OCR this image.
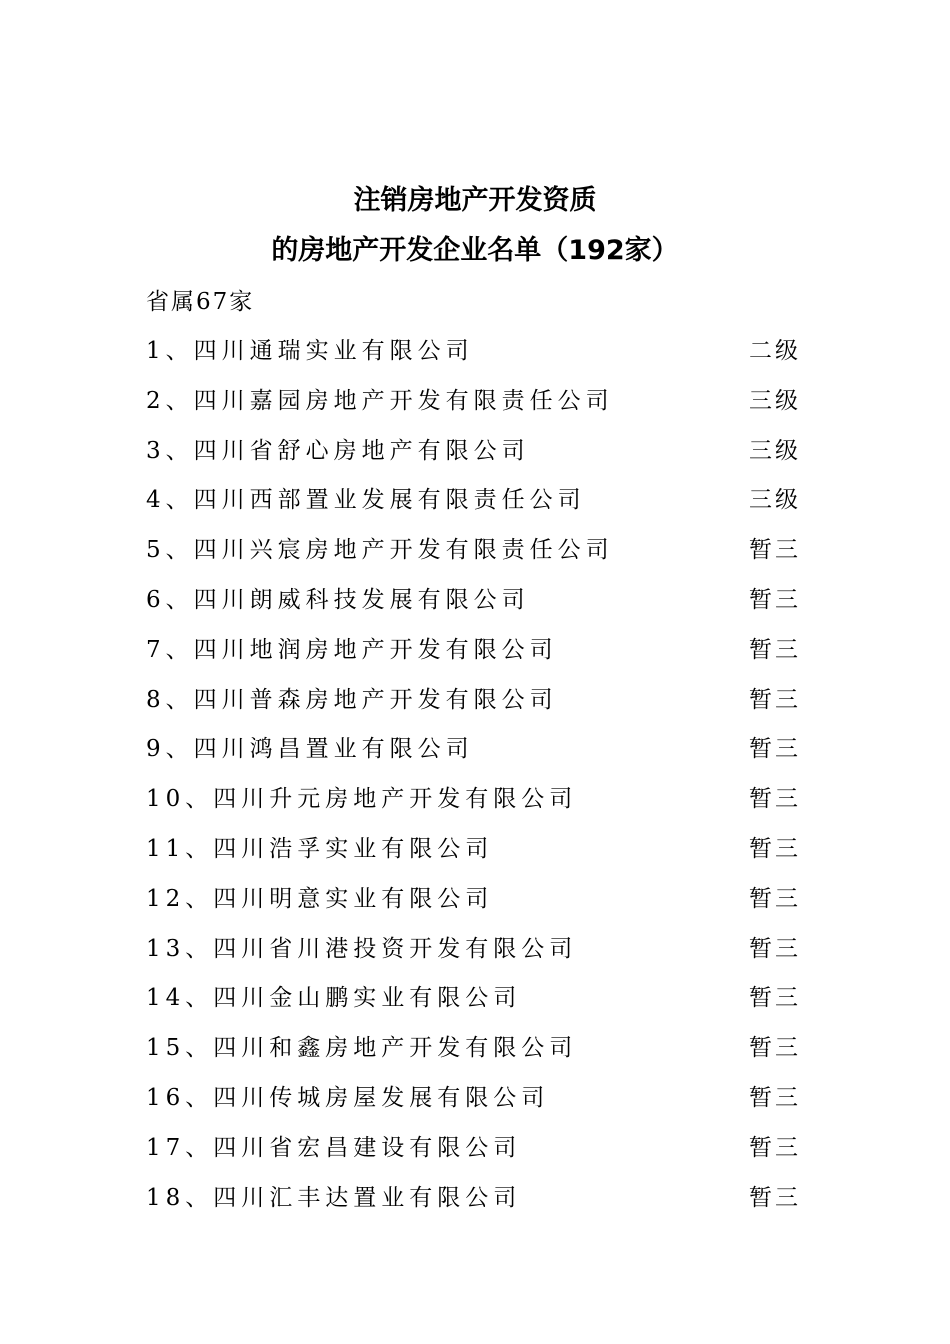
注销房地产开发资质
的房地产开发企业名单（192家）
省属67家
1、四川通瑞实业有限公司	二级
2、四川嘉园房地产开发有限责任公司	三级
3、四川省舒心房地产有限公司	三级
4、四川西部置业发展有限责任公司	三级
5、四川兴宸房地产开发有限责任公司	暂三
6、四川朗威科技发展有限公司	暂三
7、四川地润房地产开发有限公司	暂三
8、四川普森房地产开发有限公司	暂三
9、四川鸿昌置业有限公司	暂三
10、四川升元房地产开发有限公司	暂三
11、四川浩孚实业有限公司	暂三
12、四川明意实业有限公司	暂三
13、四川省川港投资开发有限公司	暂三
14、四川金山鹏实业有限公司	暂三
15、四川和鑫房地产开发有限公司	暂三
16、四川传城房屋发展有限公司	暂三
17、四川省宏昌建设有限公司	暂三
18、四川汇丰达置业有限公司	暂三
